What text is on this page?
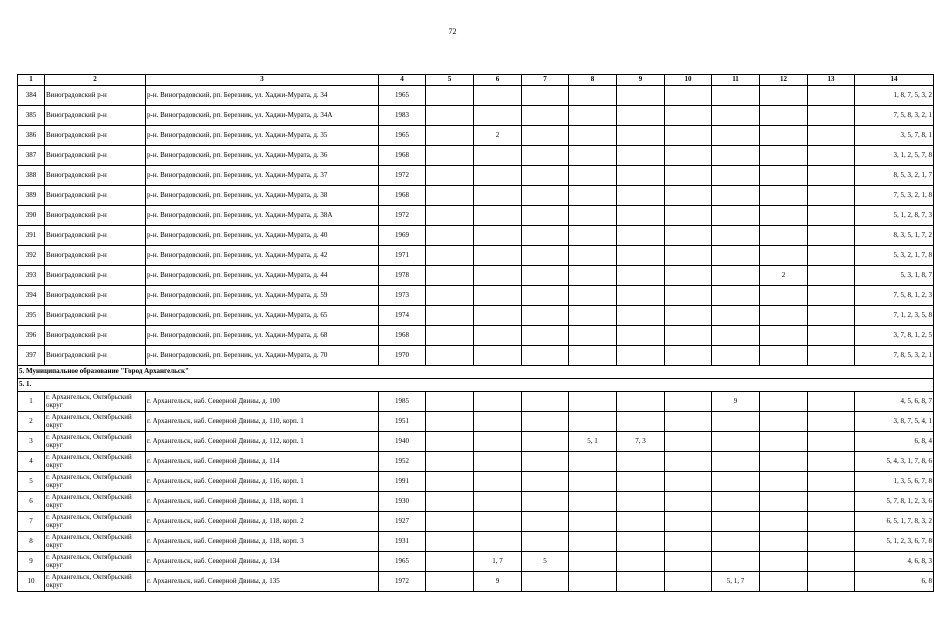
72
1	2	3	4	5	6	7	8	9	10	11	12	13	14
384	Виноградовский р-н	р-н. Виноградовский, рп. Березник, ул. Хаджи-Мурата, д. 34	1965										1, 8, 7, 5, 3, 2
385	Виноградовский р-н	р-н. Виноградовский, рп. Березник, ул. Хаджи-Мурата, д. 34А	1983										7, 5, 8, 3, 2, 1
386	Виноградовский р-н	р-н. Виноградовский, рп. Березник, ул. Хаджи-Мурата, д. 35	1965		2								3, 5, 7, 8, 1
387	Виноградовский р-н	р-н. Виноградовский, рп. Березник, ул. Хаджи-Мурата, д. 36	1968										3, 1, 2, 5, 7, 8
388	Виноградовский р-н	р-н. Виноградовский, рп. Березник, ул. Хаджи-Мурата, д. 37	1972										8, 5, 3, 2, 1, 7
389	Виноградовский р-н	р-н. Виноградовский, рп. Березник, ул. Хаджи-Мурата, д. 38	1968										7, 5, 3, 2, 1, 8
390	Виноградовский р-н	р-н. Виноградовский, рп. Березник, ул. Хаджи-Мурата, д. 38А	1972										5, 1, 2, 8, 7, 3
391	Виноградовский р-н	р-н. Виноградовский, рп. Березник, ул. Хаджи-Мурата, д. 40	1969										8, 3, 5, 1, 7, 2
392	Виноградовский р-н	р-н. Виноградовский, рп. Березник, ул. Хаджи-Мурата, д. 42	1971										5, 3, 2, 1, 7, 8
393	Виноградовский р-н	р-н. Виноградовский, рп. Березник, ул. Хаджи-Мурата, д. 44	1978								2		5, 3, 1, 8, 7
394	Виноградовский р-н	р-н. Виноградовский, рп. Березник, ул. Хаджи-Мурата, д. 59	1973										7, 5, 8, 1, 2, 3
395	Виноградовский р-н	р-н. Виноградовский, рп. Березник, ул. Хаджи-Мурата, д. 65	1974										7, 1, 2, 3, 5, 8
396	Виноградовский р-н	р-н. Виноградовский, рп. Березник, ул. Хаджи-Мурата, д. 68	1968										3, 7, 8, 1, 2, 5
397	Виноградовский р-н	р-н. Виноградовский, рп. Березник, ул. Хаджи-Мурата, д. 70	1970										7, 8, 5, 3, 2, 1
5. Муниципальное образование "Город Архангельск"													
5. 1.													
1	г. Архангельск, Октябрьский округ	г. Архангельск, наб. Северной Двины, д. 100	1985							9			4, 5, 6, 8, 7
2	г. Архангельск, Октябрьский округ	г. Архангельск, наб. Северной Двины, д. 110, корп. 1	1951										3, 8, 7, 5, 4, 1
3	г. Архангельск, Октябрьский округ	г. Архангельск, наб. Северной Двины, д. 112, корп. 1	1940				5, 1	7, 3					6, 8, 4
4	г. Архангельск, Октябрьский округ	г. Архангельск, наб. Северной Двины, д. 114	1952										5, 4, 3, 1, 7, 8, 6
5	г. Архангельск, Октябрьский округ	г. Архангельск, наб. Северной Двины, д. 116, корп. 1	1991										1, 3, 5, 6, 7, 8
6	г. Архангельск, Октябрьский округ	г. Архангельск, наб. Северной Двины, д. 118, корп. 1	1930										5, 7, 8, 1, 2, 3, 6
7	г. Архангельск, Октябрьский округ	г. Архангельск, наб. Северной Двины, д. 118, корп. 2	1927										6, 5, 1, 7, 8, 3, 2
8	г. Архангельск, Октябрьский округ	г. Архангельск, наб. Северной Двины, д. 118, корп. 3	1931										5, 1, 2, 3, 6, 7, 8
9	г. Архангельск, Октябрьский округ	г. Архангельск, наб. Северной Двины, д. 134	1965		1, 7	5							4, 6, 8, 3
10	г. Архангельск, Октябрьский округ	г. Архангельск, наб. Северной Двины, д. 135	1972		9					5, 1, 7			6, 8
